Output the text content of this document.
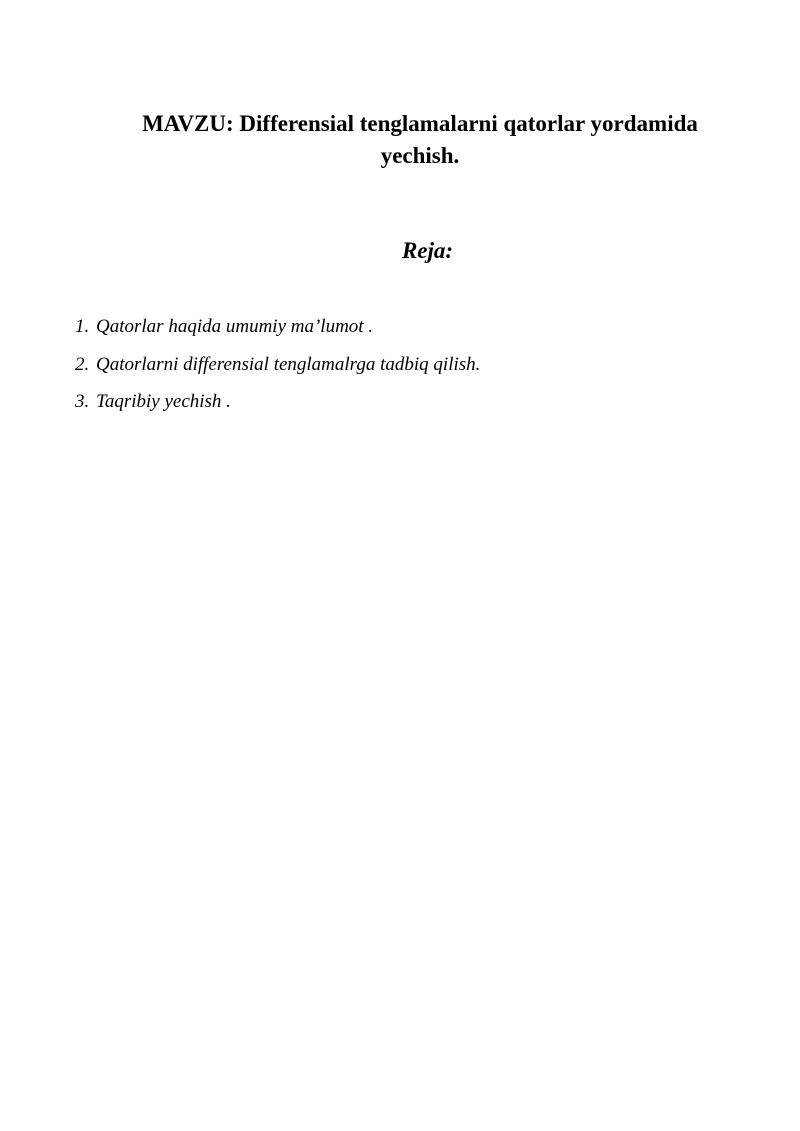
MAVZU: Differensial tenglamalarni qatorlar yordamida
yechish.
Reja:
1. Qatorlar haqida umumiy ma’lumot .
2. Qatorlarni differensial tenglamalrga tadbiq qilish.
3. Taqribiy yechish .
